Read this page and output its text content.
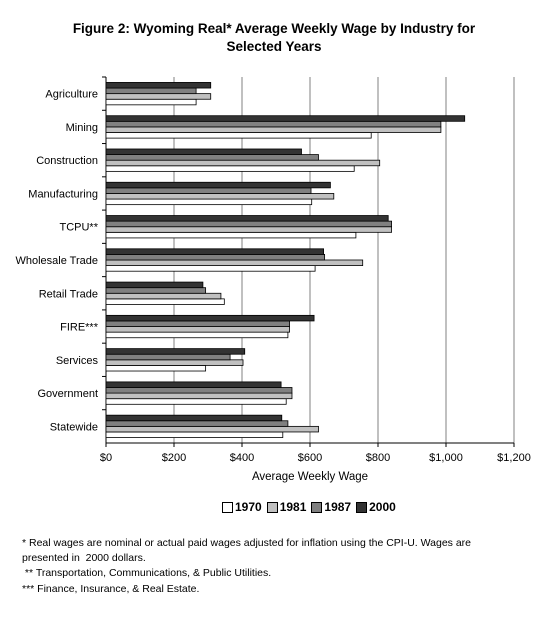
Figure 2: Wyoming Real* Average Weekly Wage by Industry for
Selected Years
$0	$200	$400	$600	$800	$1,000	$1,200
Average Weekly Wage
Agriculture
Mining
Construction
Manufacturing
TCPU**
Wholesale Trade
Retail Trade
FIRE***
Services
Government
Statewide
1970 1981 1987 2000
* Real wages are nominal or actual paid wages adjusted for inflation using the CPI-U. Wages are
presented in  2000 dollars.
** Transportation, Communications, & Public Utilities.
*** Finance, Insurance, & Real Estate.
